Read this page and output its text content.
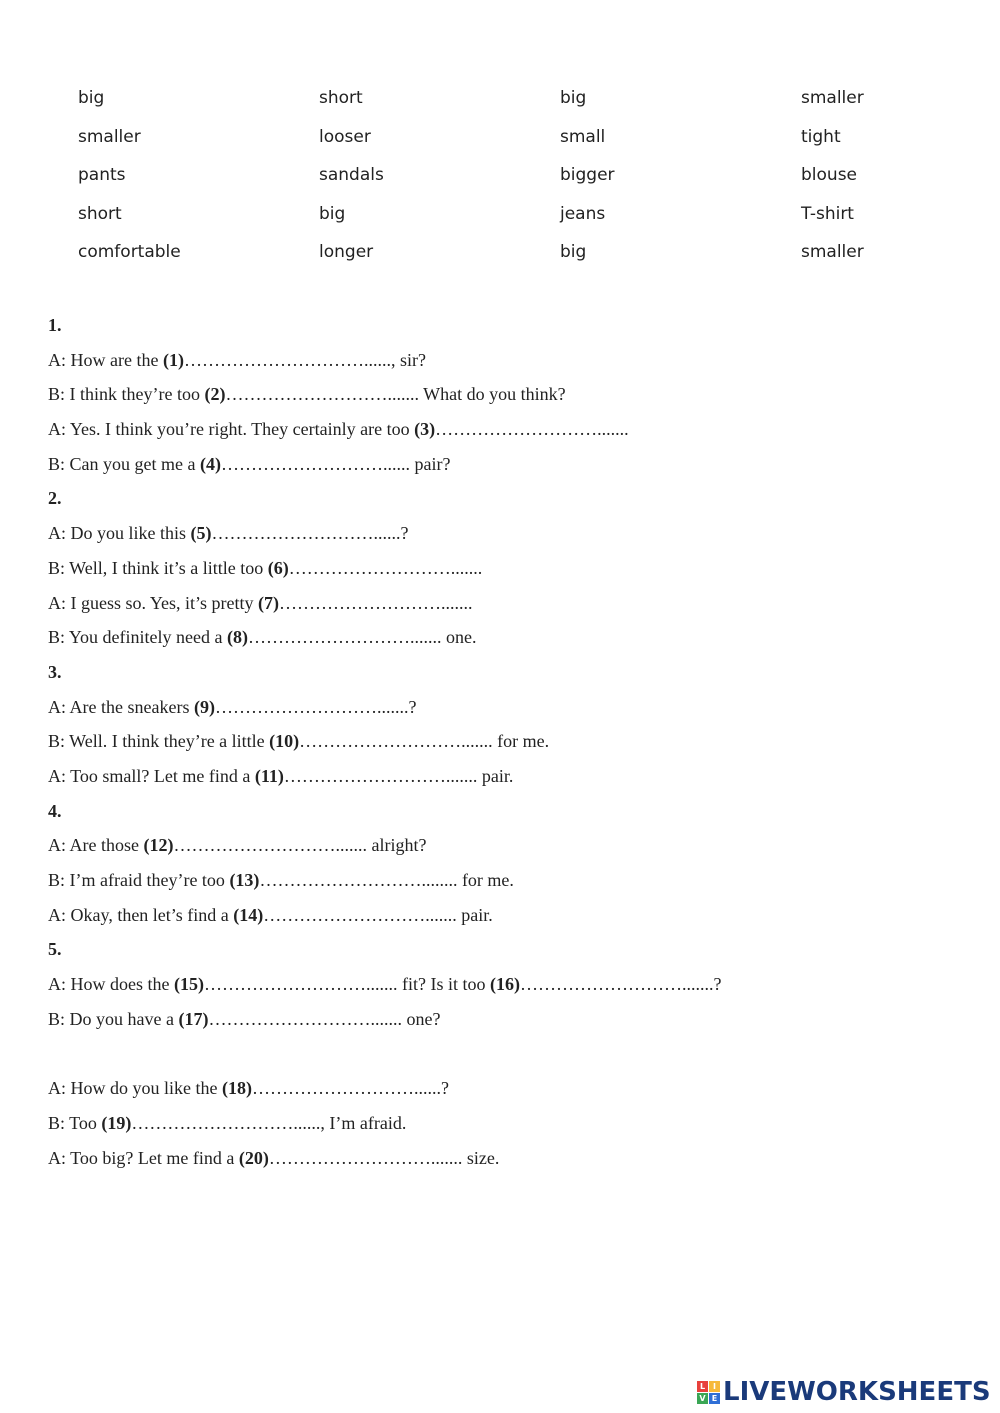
big	short	big	smaller
smaller	looser	small	tight
pants	sandals	bigger	blouse
short	big	jeans	T-shirt
comfortable	longer	big	smaller
1.
A: How are the (1)…………………………......, sir?
B: I think they’re too (2)………………………....... What do you think?
A: Yes. I think you’re right. They certainly are too (3)……………………….......
B: Can you get me a (4)………………………...... pair?
2.
A: Do you like this (5)………………………......?
B: Well, I think it’s a little too (6)……………………….......
A: I guess so. Yes, it’s pretty (7)……………………….......
B: You definitely need a (8)………………………....... one.
3.
A: Are the sneakers (9)……………………….......?
B: Well. I think they’re a little (10)………………………....... for me.
A: Too small? Let me find a (11)………………………....... pair.
4.
A: Are those (12)………………………....... alright?
B: I’m afraid they’re too (13)………………………........ for me.
A: Okay, then let’s find a (14)………………………....... pair.
5.
A: How does the (15)………………………....... fit? Is it too (16)……………………….......?
B: Do you have a (17)………………………....... one?
A: How do you like the (18)………………………......?
B: Too (19)………………………......, I’m afraid.
A: Too big? Let me find a (20)………………………....... size.
L I
V E LIVEWORKSHEETS
